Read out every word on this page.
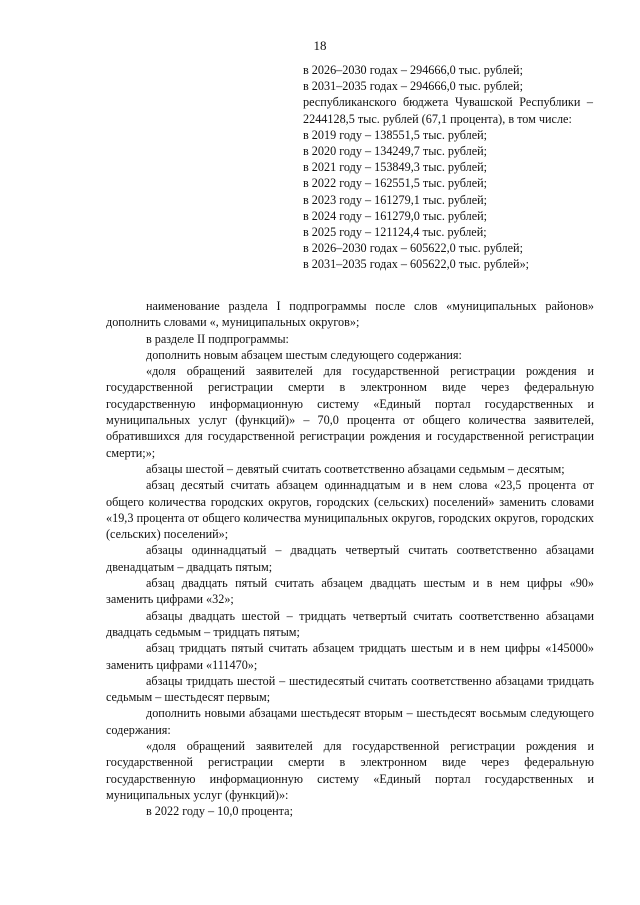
18

в 2026–2030 годах – 294666,0 тыс. рублей;

в 2031–2035 годах – 294666,0 тыс. рублей;

республиканского бюджета Чувашской Республики – 2244128,5 тыс. рублей (67,1 процента), в том числе:

в 2019 году – 138551,5 тыс. рублей;

в 2020 году – 134249,7 тыс. рублей;

в 2021 году – 153849,3 тыс. рублей;

в 2022 году – 162551,5 тыс. рублей;

в 2023 году – 161279,1 тыс. рублей;

в 2024 году – 161279,0 тыс. рублей;

в 2025 году – 121124,4 тыс. рублей;

в 2026–2030 годах – 605622,0 тыс. рублей;

в 2031–2035 годах – 605622,0 тыс. рублей»;

наименование раздела I подпрограммы после слов «муниципальных районов» дополнить словами «, муниципальных округов»;

в разделе II подпрограммы:

дополнить новым абзацем шестым следующего содержания:

«доля обращений заявителей для государственной регистрации рождения и государственной регистрации смерти в электронном виде через федеральную государственную информационную систему «Единый портал государственных и муниципальных услуг (функций)» – 70,0 процента от общего количества заявителей, обратившихся для государственной регистрации рождения и государственной регистрации смерти;»;

абзацы шестой – девятый считать соответственно абзацами седьмым – десятым;

абзац десятый считать абзацем одиннадцатым и в нем слова «23,5 процента от общего количества городских округов, городских (сельских) поселений» заменить словами «19,3 процента от общего количества муниципальных округов, городских округов, городских (сельских) поселений»;

абзацы одиннадцатый – двадцать четвертый считать соответственно абзацами двенадцатым – двадцать пятым;

абзац двадцать пятый считать абзацем двадцать шестым и в нем цифры «90» заменить цифрами «32»;

абзацы двадцать шестой – тридцать четвертый считать соответственно абзацами двадцать седьмым – тридцать пятым;

абзац тридцать пятый считать абзацем тридцать шестым и в нем цифры «145000» заменить цифрами «111470»;

абзацы тридцать шестой – шестидесятый считать соответственно абзацами тридцать седьмым – шестьдесят первым;

дополнить новыми абзацами шестьдесят вторым – шестьдесят восьмым следующего содержания:

«доля обращений заявителей для государственной регистрации рождения и государственной регистрации смерти в электронном виде через федеральную государственную информационную систему «Единый портал государственных и муниципальных услуг (функций)»:

в 2022 году – 10,0 процента;
